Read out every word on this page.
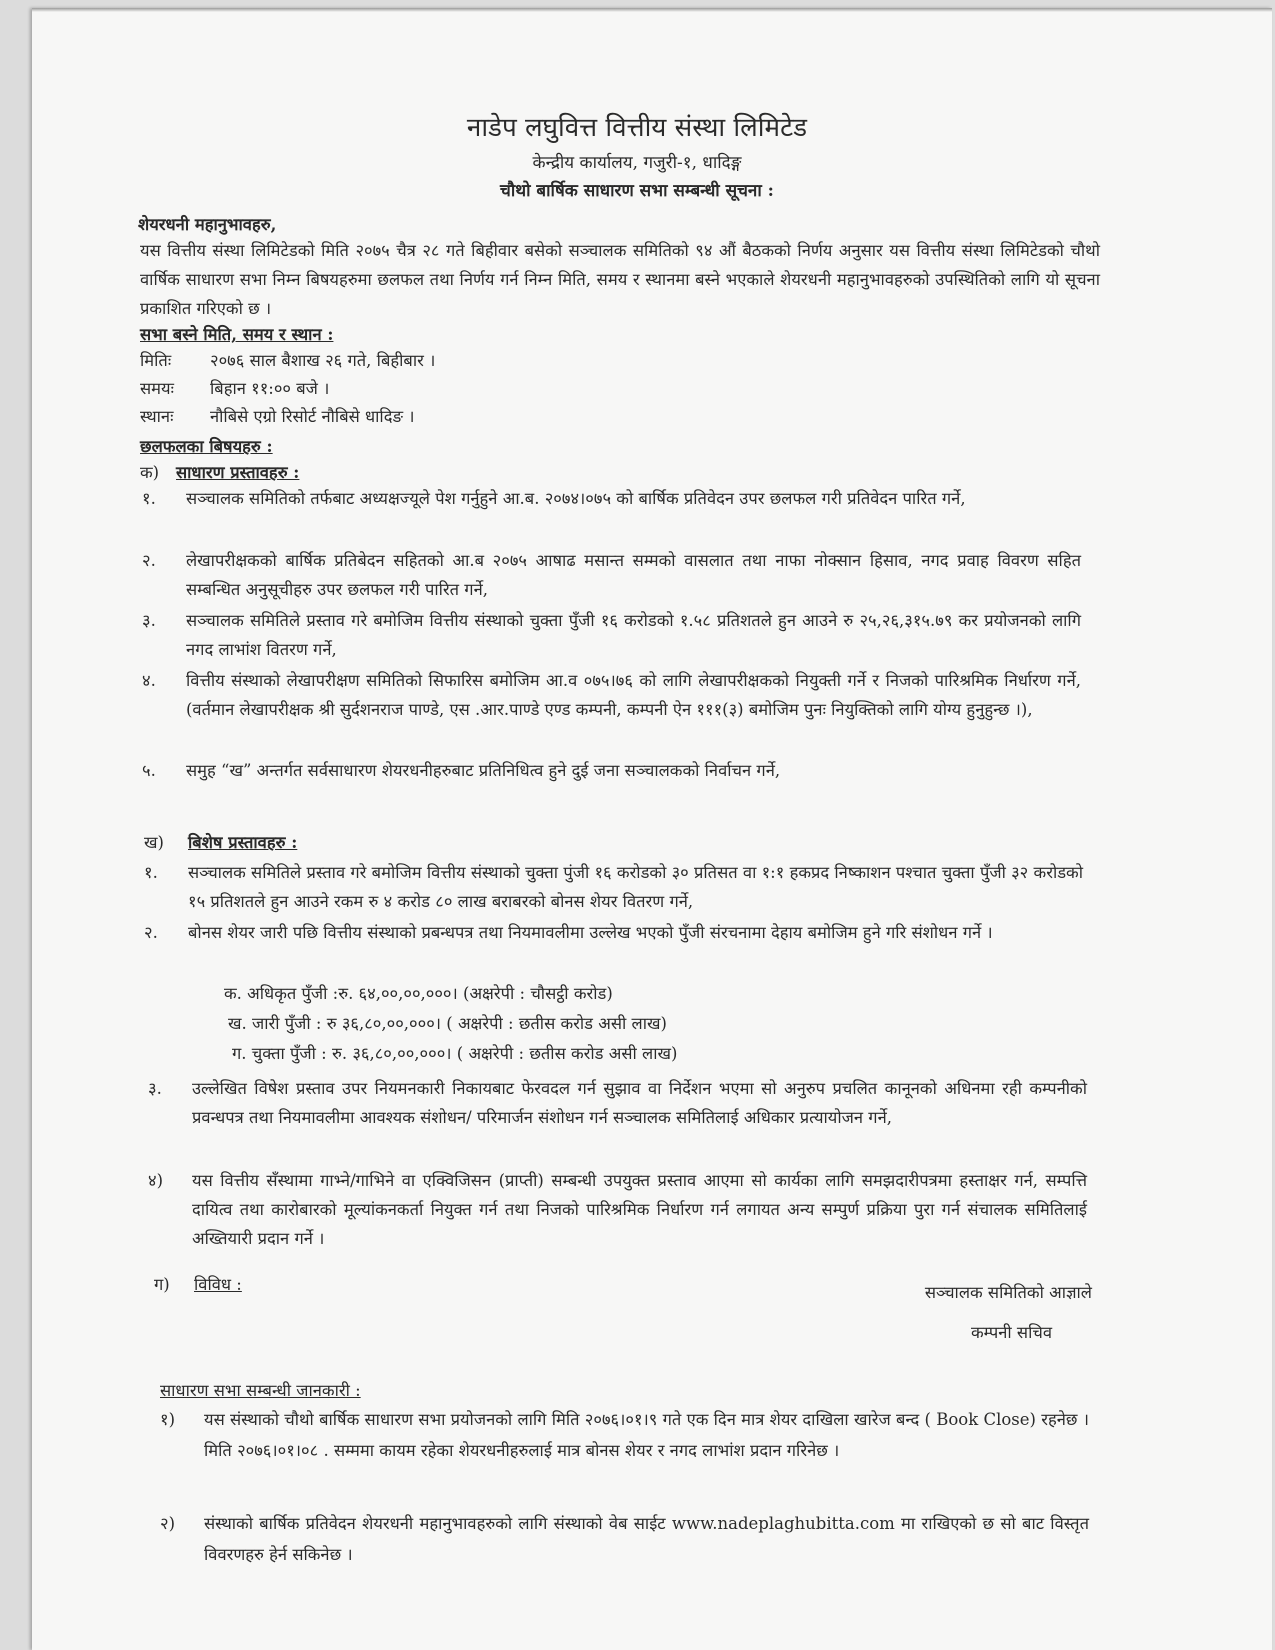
नाडेप लघुवित्त वित्तीय संस्था लिमिटेड
केन्द्रीय कार्यालय, गजुरी-१, धादिङ्ग
चौथो बार्षिक साधारण सभा सम्बन्धी सूचना :
शेयरधनी महानुभावहरु,
यस वित्तीय संस्था लिमिटेडको मिति २०७५ चैत्र २८ गते बिहीवार बसेको सञ्चालक समितिको ९४ औं बैठकको निर्णय अनुसार यस वित्तीय संस्था लिमिटेडको चौथो वार्षिक साधारण सभा निम्न बिषयहरुमा छलफल तथा निर्णय गर्न निम्न मिति, समय र स्थानमा बस्ने भएकाले शेयरधनी महानुभावहरुको उपस्थितिको लागि यो सूचना प्रकाशित गरिएको छ ।
सभा बस्ने मिति, समय र स्थान :
मितिः	२०७६ साल बैशाख २६ गते, बिहीबार ।
समयः	बिहान ११:०० बजे ।
स्थानः	नौबिसे एग्रो रिसोर्ट नौबिसे धादिङ ।
छलफलका बिषयहरु :
क)	साधारण प्रस्तावहरु :
१.	सञ्चालक समितिको तर्फबाट अध्यक्षज्यूले पेश गर्नुहुने आ.ब. २०७४।०७५ को बार्षिक प्रतिवेदन उपर छलफल गरी प्रतिवेदन पारित गर्ने,
२.	लेखापरीक्षकको बार्षिक प्रतिबेदन सहितको आ.ब २०७५ आषाढ मसान्त सम्मको वासलात तथा नाफा नोक्सान हिसाव, नगद प्रवाह विवरण सहित सम्बन्धित अनुसूचीहरु उपर छलफल गरी पारित गर्ने,
३.	सञ्चालक समितिले प्रस्ताव गरे बमोजिम वित्तीय संस्थाको चुक्ता पुँजी १६ करोडको १.५८ प्रतिशतले हुन आउने रु २५,२६,३१५.७९ कर प्रयोजनको लागि नगद लाभांश वितरण गर्ने,
४.	वित्तीय संस्थाको लेखापरीक्षण समितिको सिफारिस बमोजिम आ.व ०७५।७६ को लागि लेखापरीक्षकको नियुक्ती गर्ने र निजको पारिश्रमिक निर्धारण गर्ने, (वर्तमान लेखापरीक्षक श्री सुर्दशनराज पाण्डे, एस .आर.पाण्डे एण्ड कम्पनी, कम्पनी ऐन १११(३) बमोजिम पुनः नियुक्तिको लागि योग्य हुनुहुन्छ ।),
५.	समुह “ख” अन्तर्गत सर्वसाधारण शेयरधनीहरुबाट प्रतिनिधित्व हुने दुई जना सञ्चालकको निर्वाचन गर्ने,
ख)	बिशेष प्रस्तावहरु :
१.	सञ्चालक समितिले प्रस्ताव गरे बमोजिम वित्तीय संस्थाको चुक्ता पुंजी १६ करोडको ३० प्रतिसत वा १:१ हकप्रद निष्काशन पश्चात चुक्ता पुँजी ३२ करोडको १५ प्रतिशतले हुन आउने रकम रु ४ करोड ८० लाख बराबरको बोनस शेयर वितरण गर्ने,
२.	बोनस शेयर जारी पछि वित्तीय संस्थाको प्रबन्धपत्र तथा नियमावलीमा उल्लेख भएको पुँजी संरचनामा देहाय बमोजिम हुने गरि संशोधन गर्ने ।
क. अधिकृत पुँजी :रु. ६४,००,००,०००। (अक्षरेपी : चौसट्ठी करोड)
ख. जारी पुँजी : रु ३६,८०,००,०००। ( अक्षरेपी : छतीस करोड असी लाख)
ग. चुक्ता पुँजी : रु. ३६,८०,००,०००। ( अक्षरेपी : छतीस करोड असी लाख)
३.	उल्लेखित विषेश प्रस्ताव उपर नियमनकारी निकायबाट फेरवदल गर्न सुझाव वा निर्देशन भएमा सो अनुरुप प्रचलित कानूनको अधिनमा रही कम्पनीको प्रवन्धपत्र तथा नियमावलीमा आवश्यक संशोधन/ परिमार्जन संशोधन गर्न सञ्चालक समितिलाई अधिकार प्रत्यायोजन गर्ने,
४)	यस वित्तीय सँस्थामा गाभ्ने/गाभिने वा एक्विजिसन (प्राप्ती) सम्बन्धी उपयुक्त प्रस्ताव आएमा सो कार्यका लागि समझदारीपत्रमा हस्ताक्षर गर्न, सम्पत्ति दायित्व तथा कारोबारको मूल्यांकनकर्ता नियुक्त गर्न तथा निजको पारिश्रमिक निर्धारण गर्न लगायत अन्य सम्पुर्ण प्रक्रिया पुरा गर्न संचालक समितिलाई अख्तियारी प्रदान गर्ने ।
ग)	विविध :	सञ्चालक समितिको आज्ञाले
कम्पनी सचिव
साधारण सभा सम्बन्धी जानकारी :
१)	यस संस्थाको चौथो बार्षिक साधारण सभा प्रयोजनको लागि मिति २०७६।०१।९ गते एक दिन मात्र शेयर दाखिला खारेज बन्द ( Book Close) रहनेछ । मिति २०७६।०१।०८ . सम्ममा कायम रहेका शेयरधनीहरुलाई मात्र बोनस शेयर र नगद लाभांश प्रदान गरिनेछ ।
२)	संस्थाको बार्षिक प्रतिवेदन शेयरधनी महानुभावहरुको लागि संस्थाको वेब साईट www.nadeplaghubitta.com मा राखिएको छ सो बाट विस्तृत विवरणहरु हेर्न सकिनेछ ।
